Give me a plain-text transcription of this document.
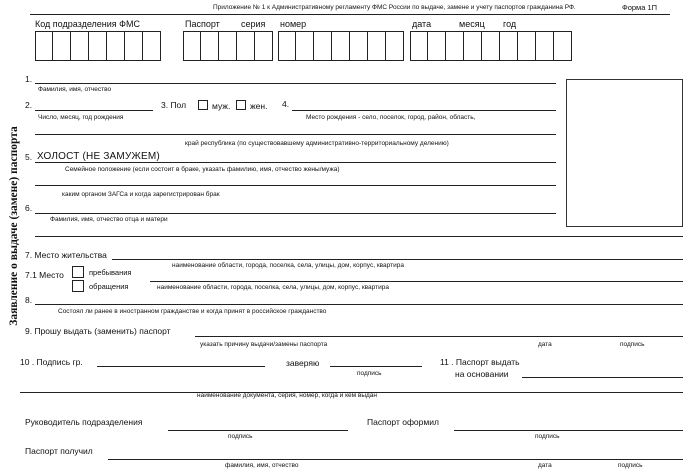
Приложение № 1 к Административному регламенту ФМС России по выдаче, замене и учету паспортов гражданина РФ.	Форма 1П
Код подразделения ФМС	Паспорт серия номер	дата	месяц год
Заявление о выдаче (замене) паспорта
1.
Фамилия, имя, отчество
2.
Число, месяц, год рождения
3. Пол	муж. жен. 4.
Место рождения - село, поселок, город, район, область,
край республика (по существовавшему административно-территориальному делению)
5. ХОЛОСТ (НЕ ЗАМУЖЕМ)
Семейное положение (если состоит в браке, указать фамилию, имя, отчество жены/мужа)
каким органом ЗАГСа и когда зарегистрирован брак
6.
Фамилия, имя, отчество отца и матери
7. Место жительства
наименование области, города, поселка, села, улицы, дом, корпус, квартира
7.1 Место	пребывания
обращения	наименование области, города, поселка, села, улицы, дом, корпус, квартира
8.
Состоял ли ранее в иностранном гражданстве и когда принят в российское гражданство
9. Прошу выдать (заменить) паспорт
указать причину выдачи/замены паспорта	дата	подпись
10 . Подпись гр.	заверяю
подпись
11 . Паспорт выдать
на основании
наименование документа, серия, номер, когда и кем выдан
Руководитель подразделения
подпись
Паспорт оформил
подпись
Паспорт получил
фамилия, имя, отчество	дата	подпись
